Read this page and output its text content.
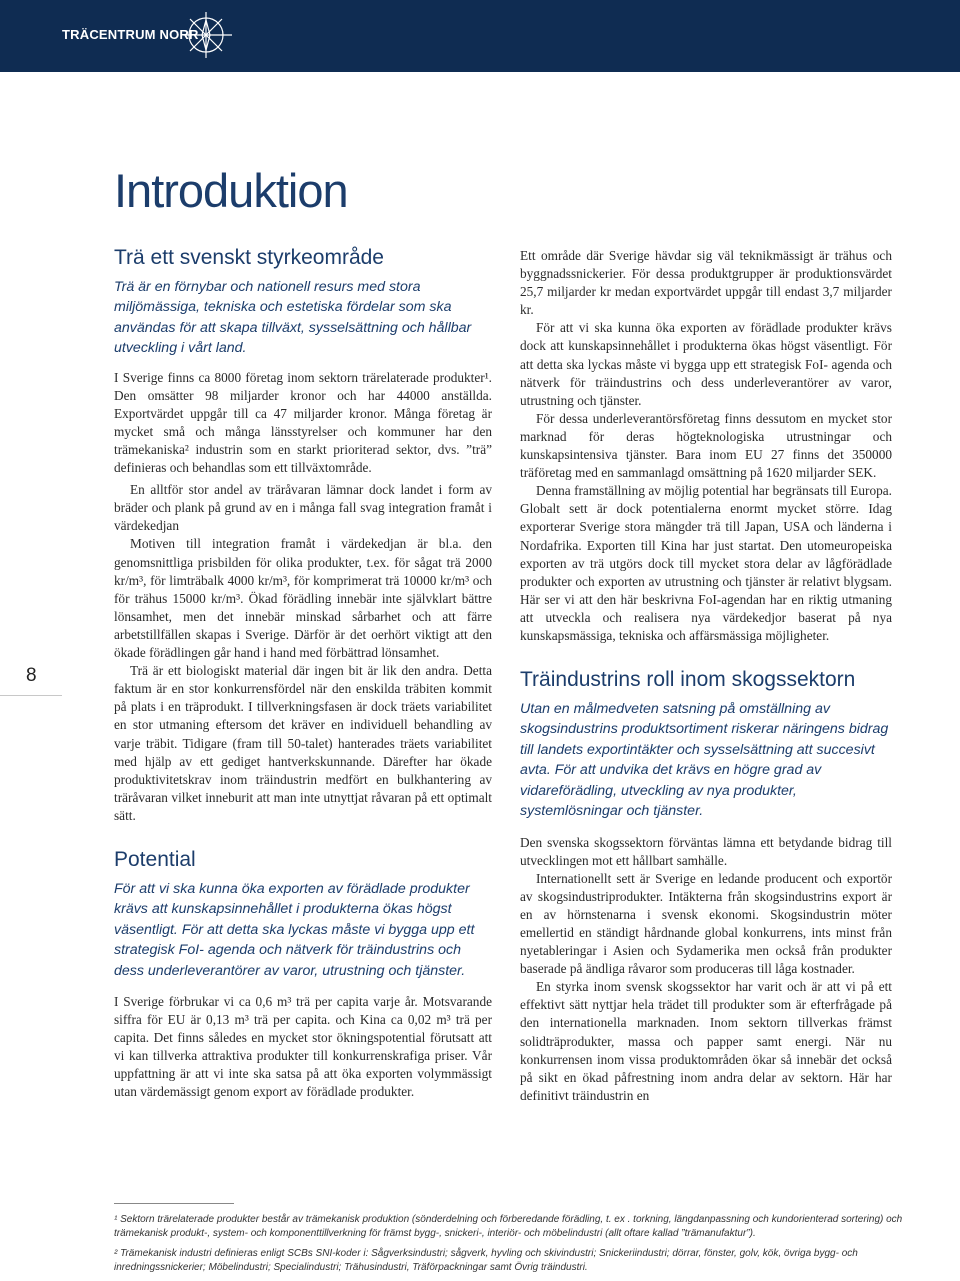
TRÄCENTRUM NORR
8
Introduktion
Trä ett svenskt styrkeområde

Trä är en förnybar och nationell resurs med stora miljömässiga, tekniska och estetiska fördelar som ska användas för att skapa tillväxt, sysselsättning och hållbar utveckling i vårt land.

I Sverige finns ca 8000 företag inom sektorn trärelaterade produkter¹. Den omsätter 98 miljarder kronor och har 44000 anställda. Exportvärdet uppgår till ca 47 miljarder kronor. Många företag är mycket små och många länsstyrelser och kommuner har den trämekaniska² industrin som en starkt prioriterad sektor, dvs. ”trä” definieras och behandlas som ett tillväxtområde.

En alltför stor andel av träråvaran lämnar dock landet i form av bräder och plank på grund av en i många fall svag integration framåt i värdekedjan

Motiven till integration framåt i värdekedjan är bl.a. den genomsnittliga prisbilden för olika produkter, t.ex. för sågat trä 2000 kr/m³, för limträbalk 4000 kr/m³, för komprimerat trä 10000 kr/m³ och för trähus 15000 kr/m³. Ökad förädling innebär inte självklart bättre lönsamhet, men det innebär minskad sårbarhet och att färre arbetstillfällen skapas i Sverige. Därför är det oerhört viktigt att den ökade förädlingen går hand i hand med förbättrad lönsamhet.

Trä är ett biologiskt material där ingen bit är lik den andra. Detta faktum är en stor konkurrensfördel när den enskilda träbiten kommit på plats i en träprodukt. I tillverkningsfasen är dock träets variabilitet en stor utmaning eftersom det kräver en individuell behandling av varje träbit. Tidigare (fram till 50-talet) hanterades träets variabilitet med hjälp av ett gediget hantverkskunnande. Därefter har ökade produktivitetskrav inom träindustrin medfört en bulkhantering av träråvaran vilket inneburit att man inte utnyttjat råvaran på ett optimalt sätt.

Potential

För att vi ska kunna öka exporten av förädlade produkter krävs att kunskapsinnehållet i produkterna ökas högst väsentligt. För att detta ska lyckas måste vi bygga upp ett strategisk FoI- agenda och nätverk för träindustrins och dess underleverantörer av varor, utrustning och tjänster.

I Sverige förbrukar vi ca 0,6 m³ trä per capita varje år. Motsvarande siffra för EU är 0,13 m³ trä per capita. och Kina ca 0,02 m³ trä per capita. Det finns således en mycket stor ökningspotential förutsatt att vi kan tillverka attraktiva produkter till konkurrenskrafiga priser. Vår uppfattning är att vi inte ska satsa på att öka exporten volymmässigt utan värdemässigt genom export av förädlade produkter.

Ett område där Sverige hävdar sig väl teknikmässigt är trähus och byggnadssnickerier. För dessa produktgrupper är produktionsvärdet 25,7 miljarder kr medan exportvärdet uppgår till endast 3,7 miljarder kr.

För att vi ska kunna öka exporten av förädlade produkter krävs dock att kunskapsinnehållet i produkterna ökas högst väsentligt. För att detta ska lyckas måste vi bygga upp ett strategisk FoI- agenda och nätverk för träindustrins och dess underleverantörer av varor, utrustning och tjänster.

För dessa underleverantörsföretag finns dessutom en mycket stor marknad för deras högteknologiska utrustningar och kunskapsintensiva tjänster. Bara inom EU 27 finns det 350000 träföretag med en sammanlagd omsättning på 1620 miljarder SEK.

Denna framställning av möjlig potential har begränsats till Europa. Globalt sett är dock potentialerna enormt mycket större. Idag exporterar Sverige stora mängder trä till Japan, USA och länderna i Nordafrika. Exporten till Kina har just startat. Den utomeuropeiska exporten av trä utgörs dock till mycket stora delar av lågförädlade produkter och exporten av utrustning och tjänster är relativt blygsam. Här ser vi att den här beskrivna FoI-agendan har en riktig utmaning att utveckla och realisera nya värdekedjor baserat på nya kunskapsmässiga, tekniska och affärsmässiga möjligheter.

Träindustrins roll inom skogssektorn

Utan en målmedveten satsning på omställning av skogsindustrins produktsortiment riskerar näringens bidrag till landets exportintäkter och sysselsättning att succesivt avta. För att undvika det krävs en högre grad av vidareförädling, utveckling av nya produkter, systemlösningar och tjänster.

Den svenska skogssektorn förväntas lämna ett betydande bidrag till utvecklingen mot ett hållbart samhälle.

Internationellt sett är Sverige en ledande producent och exportör av skogsindustriprodukter. Intäkterna från skogsindustrins export är en av hörnstenarna i svensk ekonomi. Skogsindustrin möter emellertid en ständigt hårdnande global konkurrens, ints minst från nyetableringar i Asien och Sydamerika men också från produkter baserade på ändliga råvaror som produceras till låga kostnader.

En styrka inom svensk skogssektor har varit och är att vi på ett effektivt sätt nyttjar hela trädet till produkter som är efterfrågade på den internationella marknaden. Inom sektorn tillverkas främst solidträprodukter, massa och papper samt energi. När nu konkurrensen inom vissa produktområden ökar så innebär det också på sikt en ökad påfrestning inom andra delar av sektorn. Här har definitivt träindustrin en

¹ Sektorn trärelaterade produkter består av trämekanisk produktion (sönderdelning och förberedande förädling, t. ex . torkning, längdanpassning och kundorienterad sortering) och trämekanisk produkt-, system- och komponenttillverkning för främst bygg-, snickeri-, interiör- och möbelindustri (allt oftare kallad ”trämanufaktur”).

² Trämekanisk industri definieras enligt SCBs SNI-koder i: Sågverksindustri; sågverk, hyvling och skivindustri; Snickeriindustri; dörrar, fönster, golv, kök, övriga bygg- och inredningssnickerier; Möbelindustri; Specialindustri; Trähusindustri, Träförpackningar samt Övrig träindustri.
